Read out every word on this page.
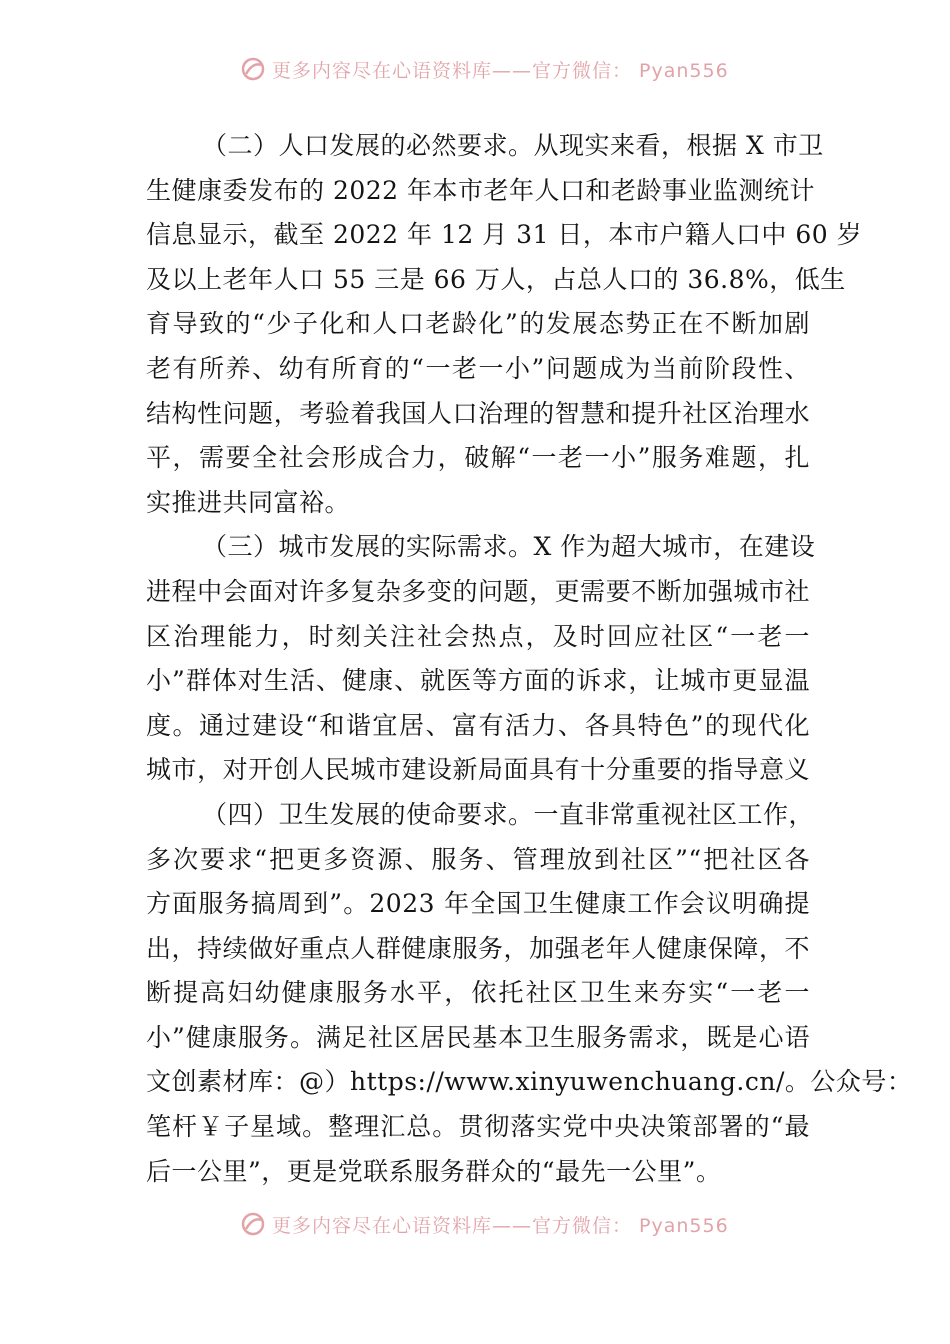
更多内容尽在心语资料库——官方微信： Pyan556
（二）人口发展的必然要求。从现实来看，根据 X 市卫
生健康委发布的 2022 年本市老年人口和老龄事业监测统计
信息显示，截至 2022 年 12 月 31 日，本市户籍人口中 60 岁
及以上老年人口 55 三是 66 万人，占总人口的 36.8%，低生
育导致的“少子化和人口老龄化”的发展态势正在不断加剧
老有所养、幼有所育的“一老一小”问题成为当前阶段性、
结构性问题，考验着我国人口治理的智慧和提升社区治理水
平，需要全社会形成合力，破解“一老一小”服务难题，扎
实推进共同富裕。
（三）城市发展的实际需求。X 作为超大城市，在建设
进程中会面对许多复杂多变的问题，更需要不断加强城市社
区治理能力，时刻关注社会热点，及时回应社区“一老一
小”群体对生活、健康、就医等方面的诉求，让城市更显温
度。通过建设“和谐宜居、富有活力、各具特色”的现代化
城市，对开创人民城市建设新局面具有十分重要的指导意义
（四）卫生发展的使命要求。一直非常重视社区工作，
多次要求“把更多资源、服务、管理放到社区”“把社区各
方面服务搞周到”。2023 年全国卫生健康工作会议明确提
出，持续做好重点人群健康服务，加强老年人健康保障，不
断提高妇幼健康服务水平，依托社区卫生来夯实“一老一
小”健康服务。满足社区居民基本卫生服务需求，既是心语
文创素材库：@）https://www.xinyuwenchuang.cn/。公众号：
笔杆￥子星域。整理汇总。贯彻落实党中央决策部署的“最
后一公里”，更是党联系服务群众的“最先一公里”。
更多内容尽在心语资料库——官方微信： Pyan556
